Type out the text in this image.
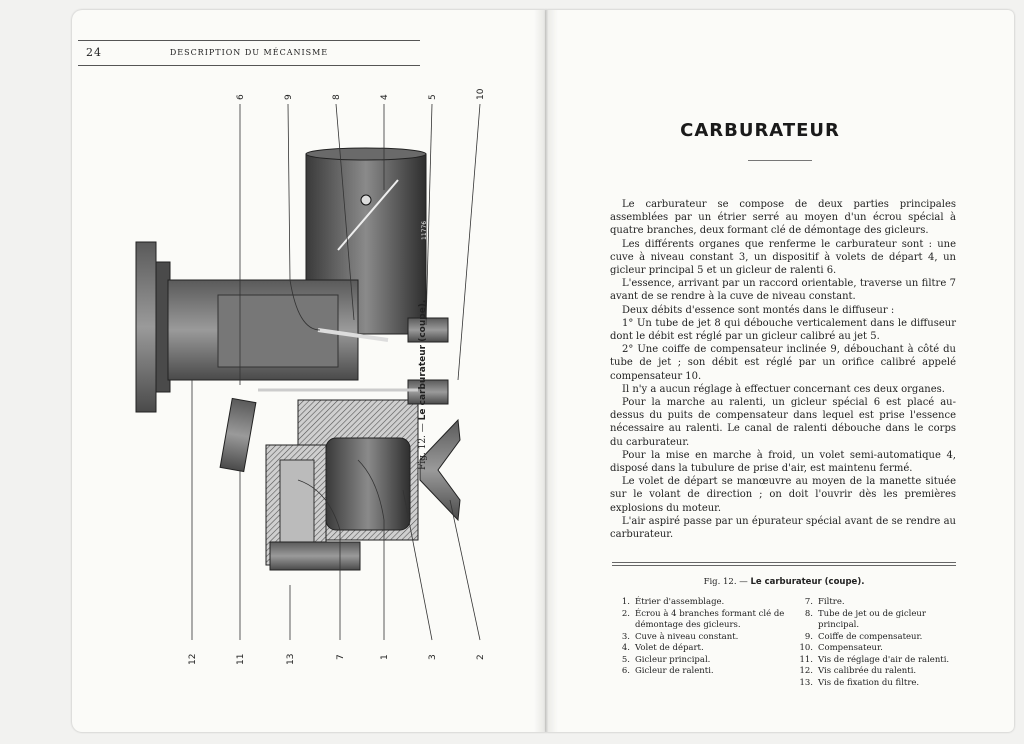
24	DESCRIPTION DU MÉCANISME
6	9	8	4	5	10
12	11	13	7	1	3	2
11776
Fig. 12. — Le carburateur (coupe).
CARBURATEUR

Le carburateur se compose de deux parties principales assemblées par un étrier serré au moyen d'un écrou spécial à quatre branches, deux formant clé de démontage des gicleurs.

Les différents organes que renferme le carburateur sont : une cuve à niveau constant 3, un dispositif à volets de départ 4, un gicleur principal 5 et un gicleur de ralenti 6.

L'essence, arrivant par un raccord orientable, traverse un filtre 7 avant de se rendre à la cuve de niveau constant.

Deux débits d'essence sont montés dans le diffuseur :

1° Un tube de jet 8 qui débouche verticalement dans le diffuseur dont le débit est réglé par un gicleur calibré au jet 5.

2° Une coiffe de compensateur inclinée 9, débouchant à côté du tube de jet ; son débit est réglé par un orifice calibré appelé compensateur 10.

Il n'y a aucun réglage à effectuer concernant ces deux organes.

Pour la marche au ralenti, un gicleur spécial 6 est placé au-dessus du puits de compensateur dans lequel est prise l'essence nécessaire au ralenti. Le canal de ralenti débouche dans le corps du carburateur.

Pour la mise en marche à froid, un volet semi-automatique 4, disposé dans la tubulure de prise d'air, est maintenu fermé.

Le volet de départ se manœuvre au moyen de la manette située sur le volant de direction ; on doit l'ouvrir dès les premières explosions du moteur.

L'air aspiré passe par un épurateur spécial avant de se rendre au carburateur.

Fig. 12. — Le carburateur (coupe).
1. Étrier d'assemblage.
2. Écrou à 4 branches formant clé de démontage des gicleurs.
3. Cuve à niveau constant.
4. Volet de départ.
5. Gicleur principal.
6. Gicleur de ralenti.
7. Filtre.
8. Tube de jet ou de gicleur principal.
9. Coiffe de compensateur.
10. Compensateur.
11. Vis de réglage d'air de ralenti.
12. Vis calibrée du ralenti.
13. Vis de fixation du filtre.
